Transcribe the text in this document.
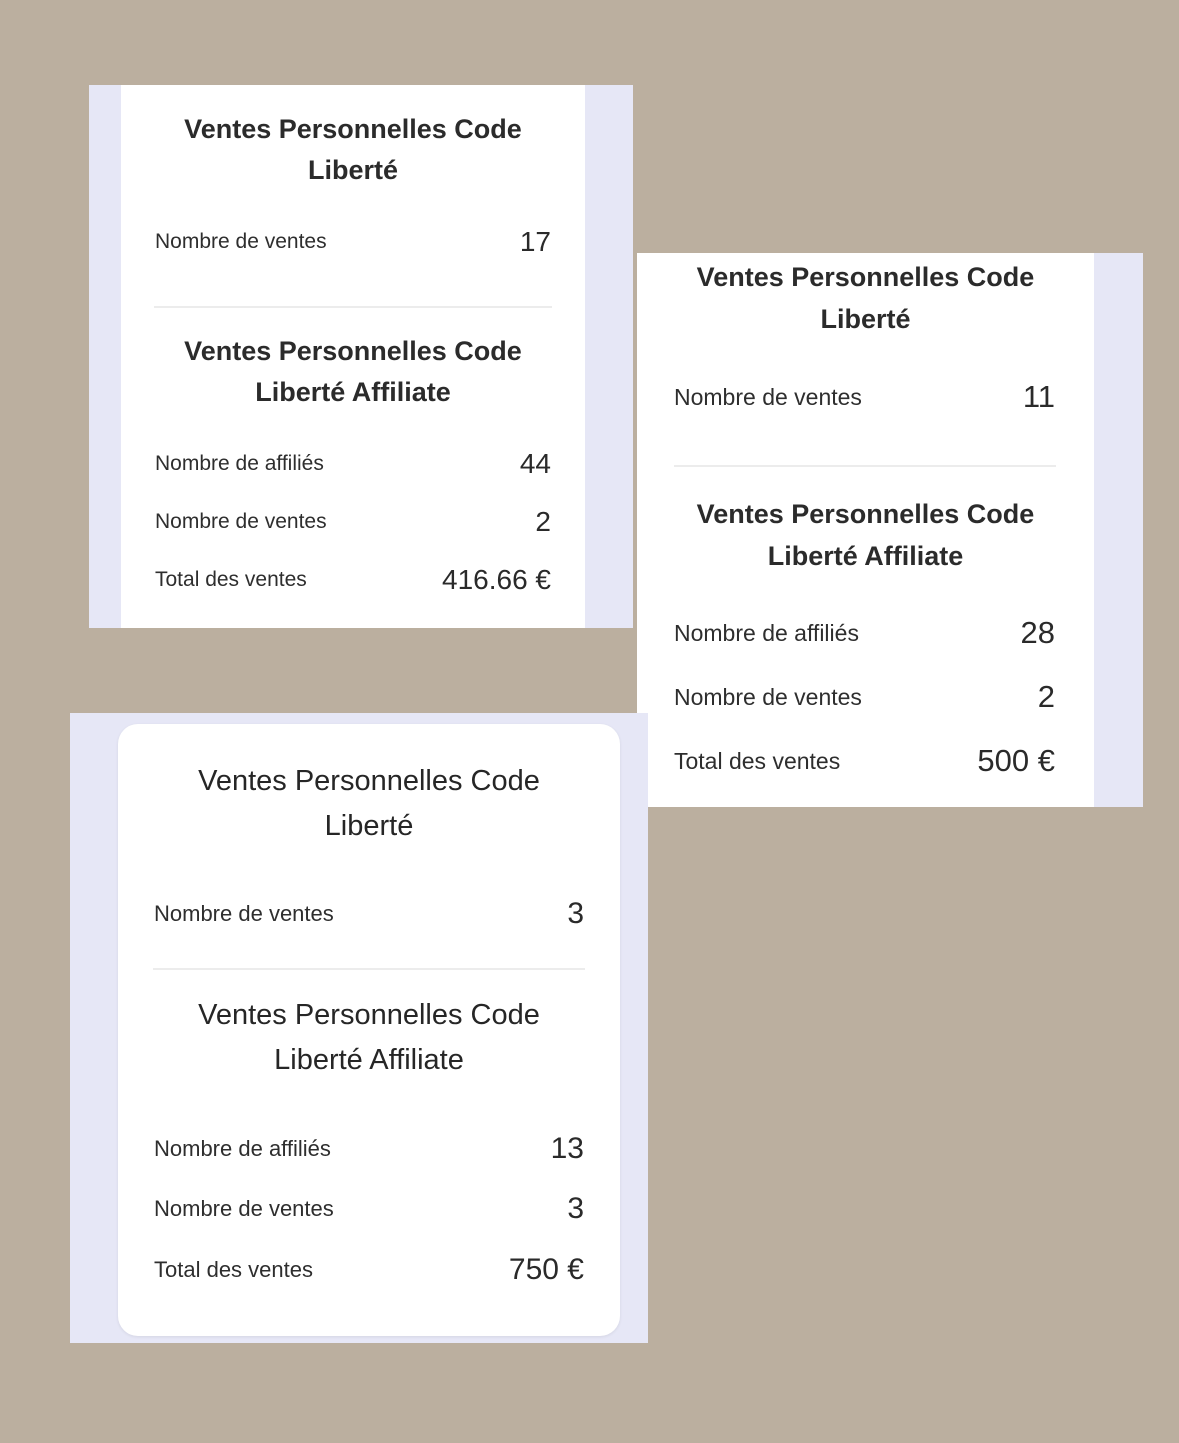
Ventes Personnelles Code Liberté
Nombre de ventes	17
Ventes Personnelles Code Liberté Affiliate
Nombre de affiliés	44
Nombre de ventes	2
Total des ventes	416.66 €
Ventes Personnelles Code Liberté
Nombre de ventes	11
Ventes Personnelles Code Liberté Affiliate
Nombre de affiliés	28
Nombre de ventes	2
Total des ventes	500 €
Ventes Personnelles Code Liberté
Nombre de ventes	3
Ventes Personnelles Code Liberté Affiliate
Nombre de affiliés	13
Nombre de ventes	3
Total des ventes	750 €
